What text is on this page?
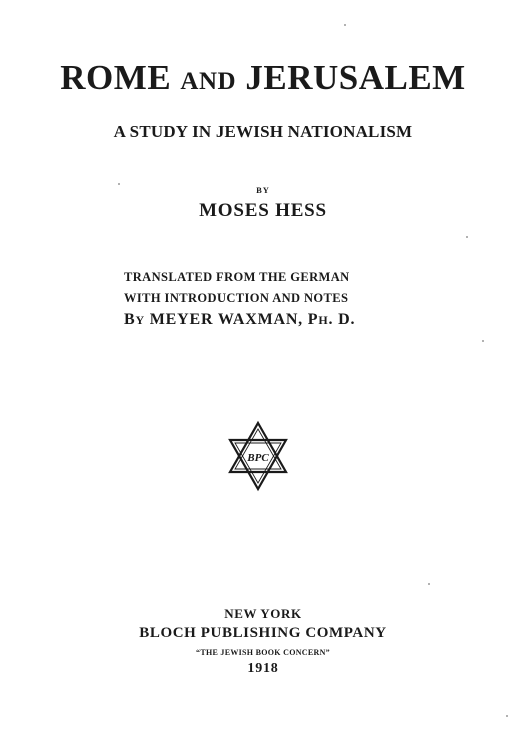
ROME AND JERUSALEM
A STUDY IN JEWISH NATIONALISM
BY
MOSES HESS
TRANSLATED FROM THE GERMAN
WITH INTRODUCTION AND NOTES
BY MEYER WAXMAN, PH. D.
BPC
NEW YORK
BLOCH PUBLISHING COMPANY
“THE JEWISH BOOK CONCERN”
1918
